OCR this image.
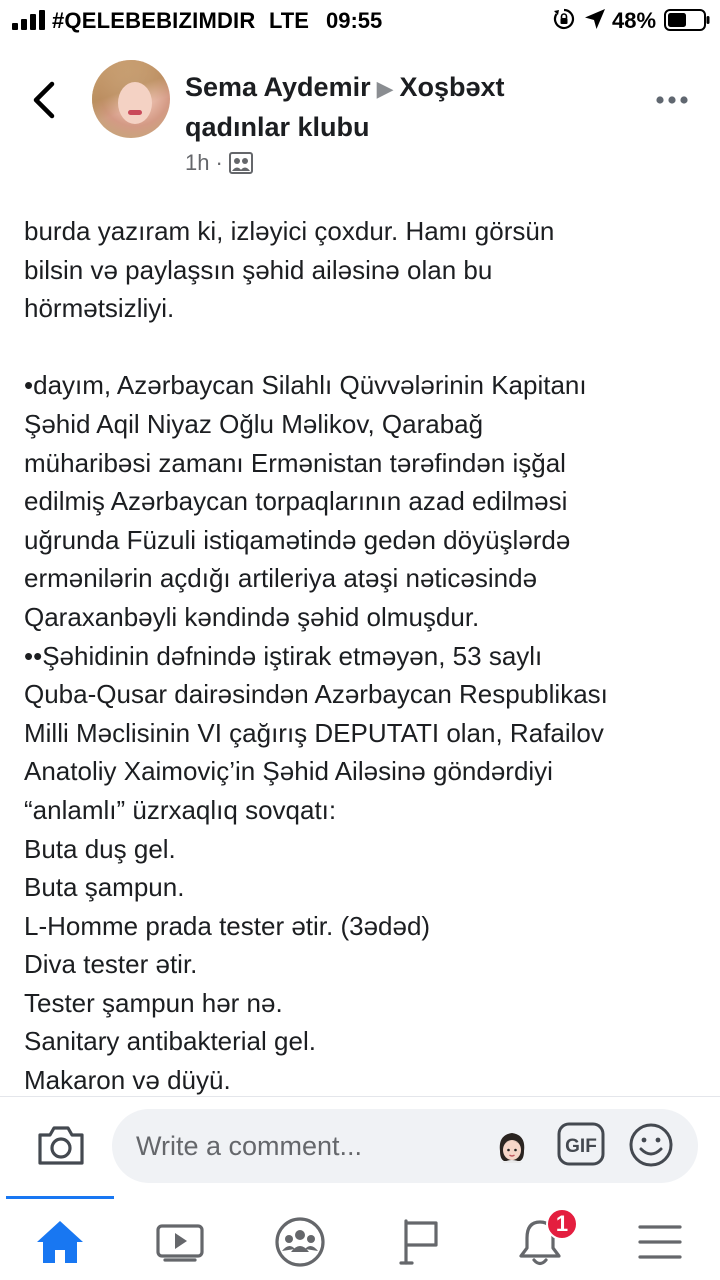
#QELEBEBIZIMDIR LTE 09:55	48%
Sema Aydemir ▶ Xoşbəxt qadınlar klubu
1h ·

burda yazıram ki, izləyici çoxdur. Hamı görsün

bilsin və paylaşsın şəhid ailəsinə olan bu

hörmətsizliyi.

•dayım, Azərbaycan Silahlı Qüvvələrinin Kapitanı

Şəhid Aqil Niyaz Oğlu Məlikov, Qarabağ

müharibəsi zamanı Ermənistan tərəfindən işğal

edilmiş Azərbaycan torpaqlarının azad edilməsi

uğrunda Füzuli istiqamətində gedən döyüşlərdə

ermənilərin açdığı artileriya atəşi nəticəsində

Qaraxanbəyli kəndində şəhid olmuşdur.

••Şəhidinin dəfnində iştirak etməyən, 53 saylı

Quba-Qusar dairəsindən Azərbaycan Respublikası

Milli Məclisinin VI çağırış DEPUTATI olan, Rafailov

Anatoliy Xaimoviç’in Şəhid Ailəsinə göndərdiyi

“anlamlı” üzrxaqlıq sovqatı:

Buta duş gel.

Buta şampun.

L-Homme prada tester ətir. (3ədəd)

Diva tester ətir.

Tester şampun hər nə.

Sanitary antibakterial gel.

Makaron və düyü.

Write a comment...
GIF
1
